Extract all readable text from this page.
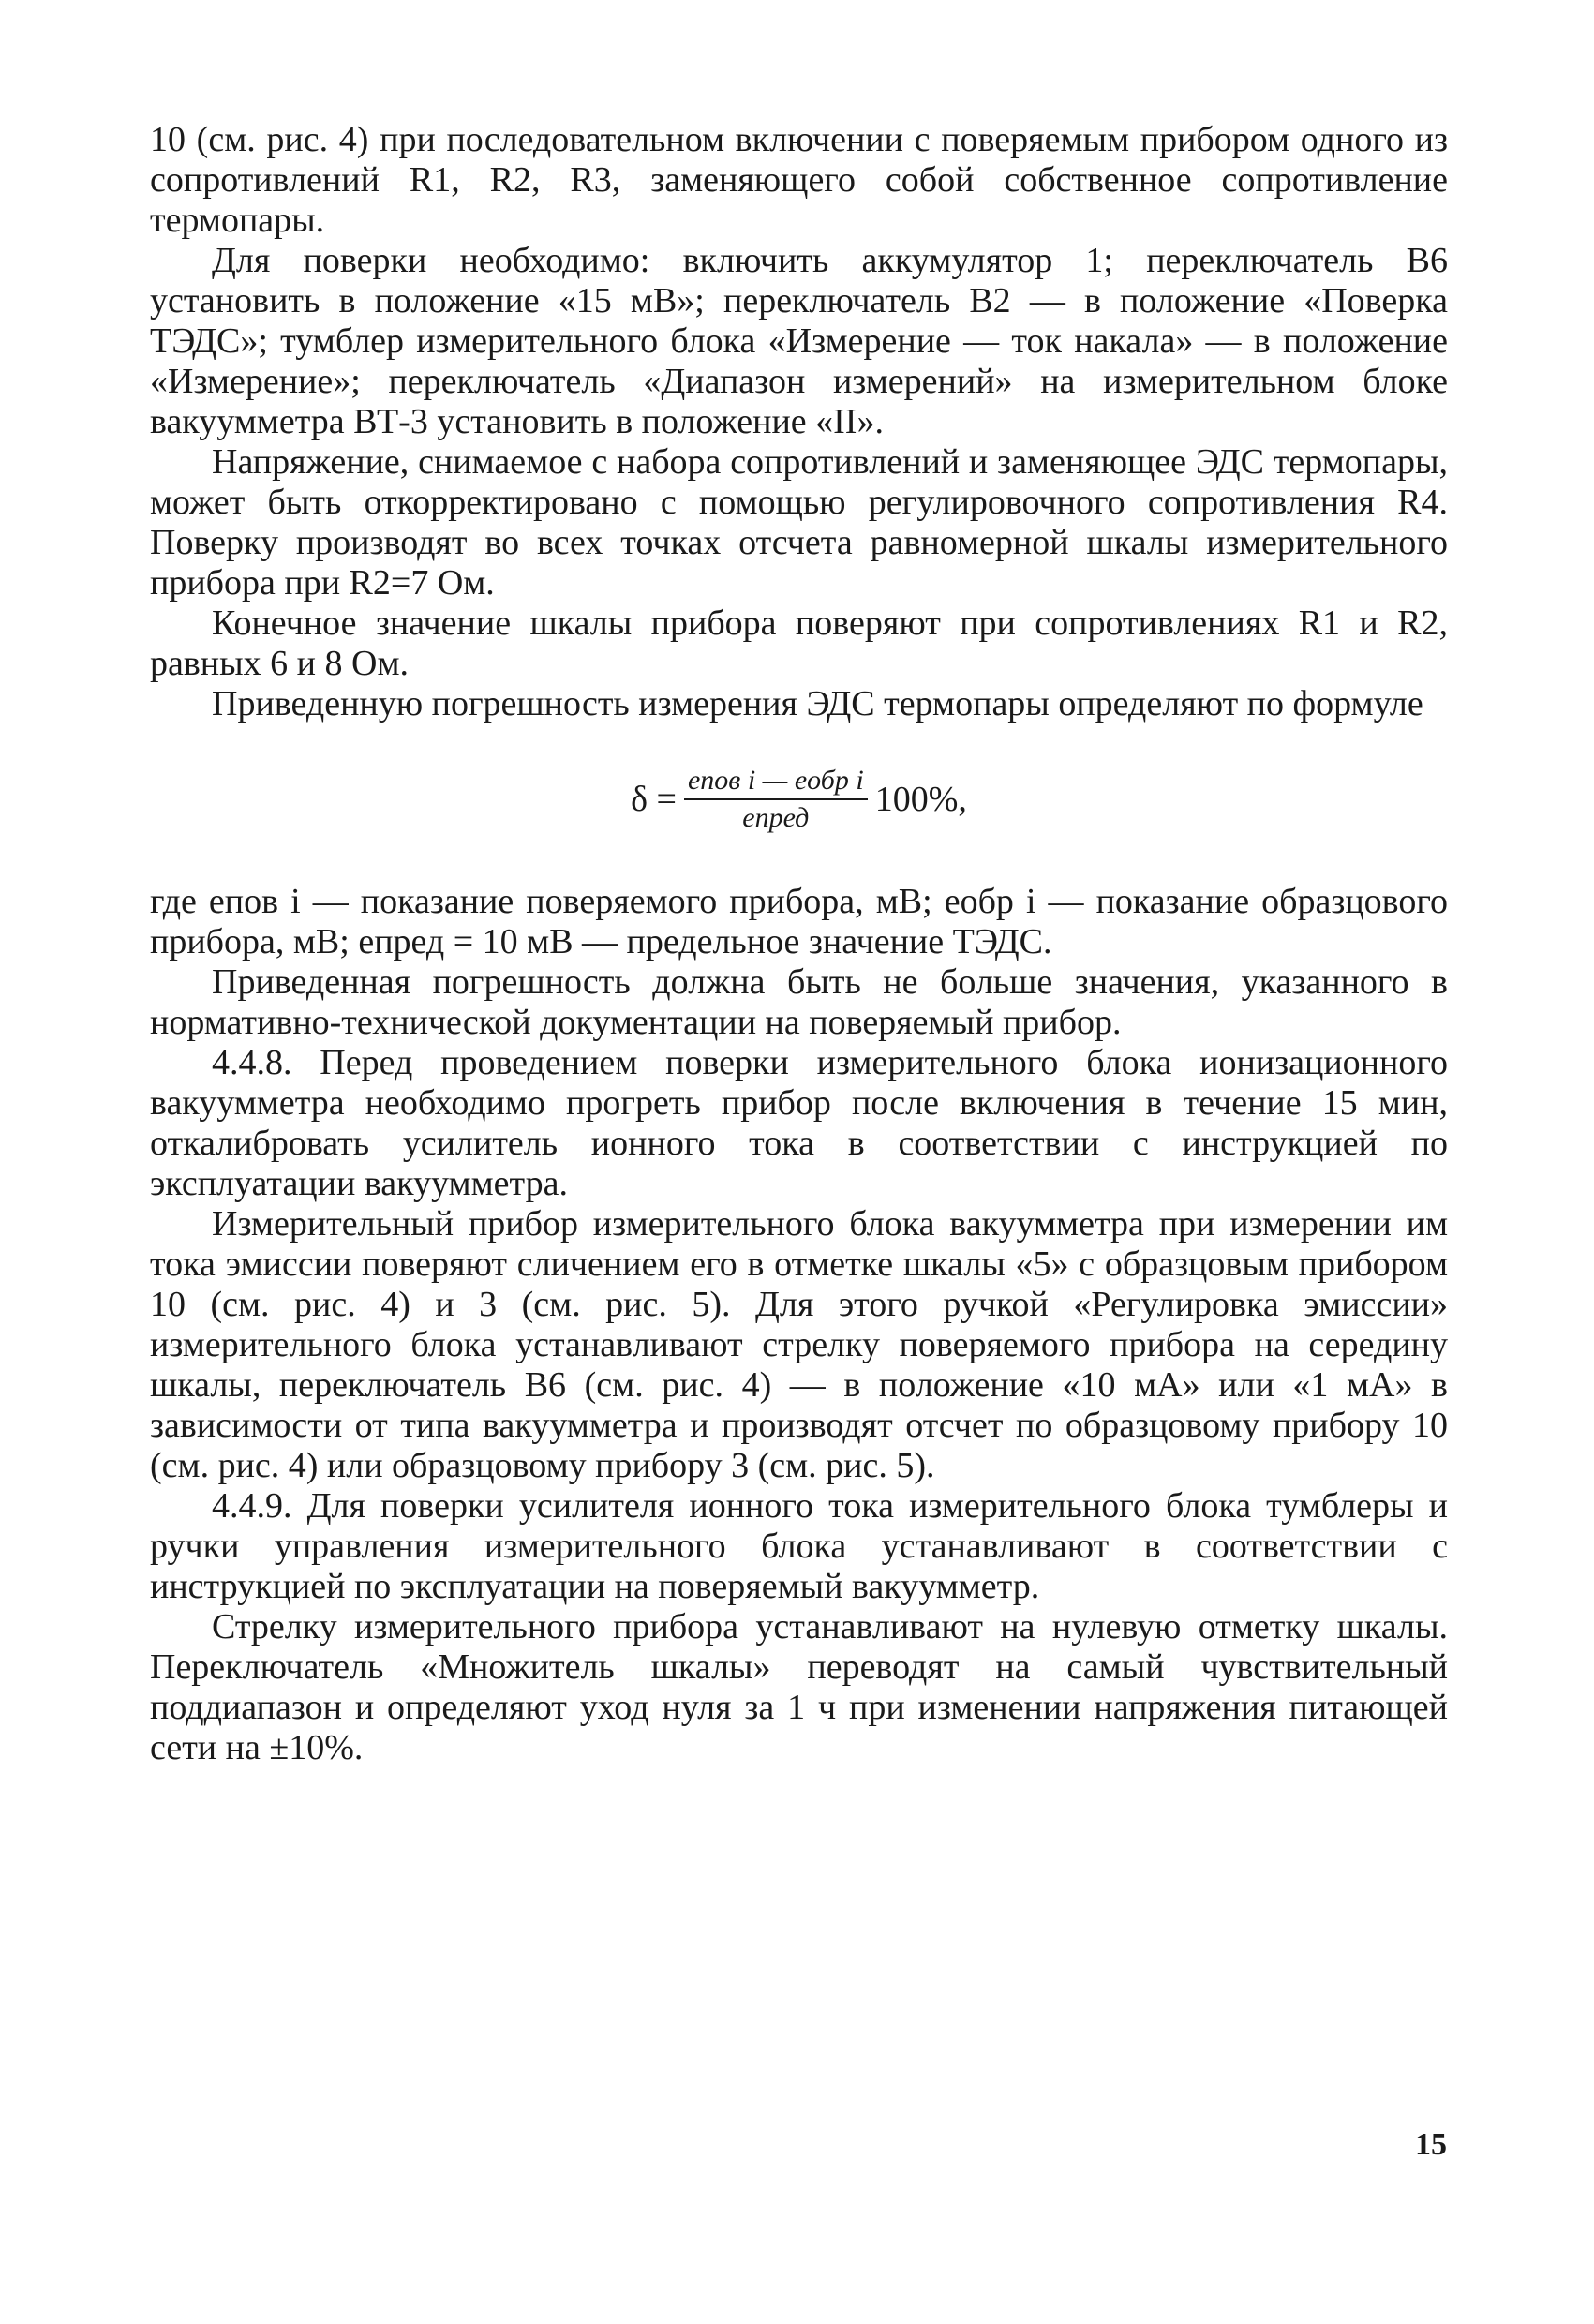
10 (см. рис. 4) при последовательном включении с поверяемым прибором одного из сопротивлений R1, R2, R3, заменяющего собой собственное сопротивление термопары.

Для поверки необходимо: включить аккумулятор 1; переключатель В6 установить в положение «15 мВ»; переключатель В2 — в положение «Поверка ТЭДС»; тумблер измерительного блока «Измерение — ток накала» — в положение «Измерение»; переключатель «Диапазон измерений» на измерительном блоке вакуумметра ВТ-3 установить в положение «II».

Напряжение, снимаемое с набора сопротивлений и заменяющее ЭДС термопары, может быть откорректировано с помощью регулировочного сопротивления R4. Поверку производят во всех точках отсчета равномерной шкалы измерительного прибора при R2=7 Ом.

Конечное значение шкалы прибора поверяют при сопротивлениях R1 и R2, равных 6 и 8 Ом.

Приведенную погрешность измерения ЭДС термопары определяют по формуле

$\delta = \frac{\text{eпов i — eобр i}}{\text{eпред}} 100\%$,

где eпов i — показание поверяемого прибора, мВ; eобр i — показание образцового прибора, мВ; eпред = 10 мВ — предельное значение ТЭДС.

Приведенная погрешность должна быть не больше значения, указанного в нормативно-технической документации на поверяемый прибор.

4.4.8. Перед проведением поверки измерительного блока ионизационного вакуумметра необходимо прогреть прибор после включения в течение 15 мин, откалибровать усилитель ионного тока в соответствии с инструкцией по эксплуатации вакуумметра.

Измерительный прибор измерительного блока вакуумметра при измерении им тока эмиссии поверяют сличением его в отметке шкалы «5» с образцовым прибором 10 (см. рис. 4) и 3 (см. рис. 5). Для этого ручкой «Регулировка эмиссии» измерительного блока устанавливают стрелку поверяемого прибора на середину шкалы, переключатель В6 (см. рис. 4) — в положение «10 мА» или «1 мА» в зависимости от типа вакуумметра и производят отсчет по образцовому прибору 10 (см. рис. 4) или образцовому прибору 3 (см. рис. 5).

4.4.9. Для поверки усилителя ионного тока измерительного блока тумблеры и ручки управления измерительного блока устанавливают в соответствии с инструкцией по эксплуатации на поверяемый вакуумметр.

Стрелку измерительного прибора устанавливают на нулевую отметку шкалы. Переключатель «Множитель шкалы» переводят на самый чувствительный поддиапазон и определяют уход нуля за 1 ч при изменении напряжения питающей сети на ±10%.

15
